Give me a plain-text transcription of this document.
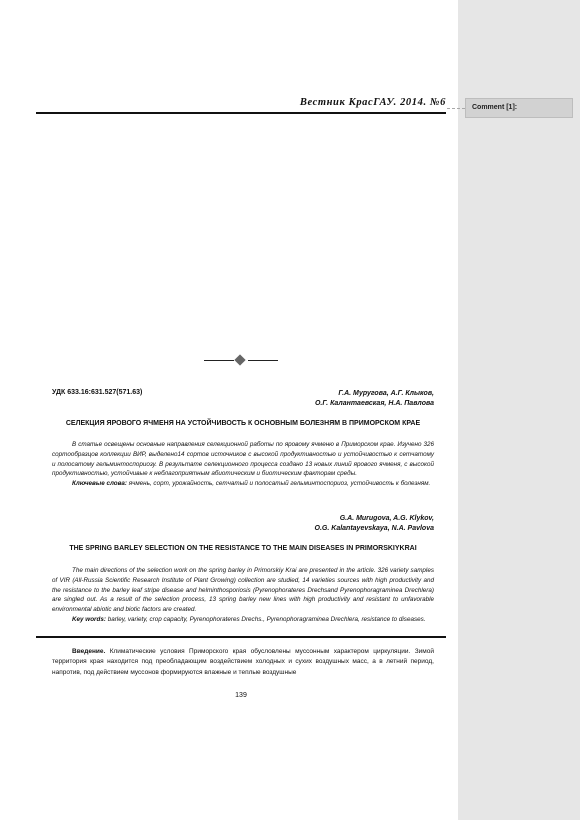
Comment [1]:
Вестник КрасГАУ. 2014. №6
УДК 633.16:631.527(571.63)	Г.А. Муругова, А.Г. Клыков,
О.Г. Калантаевская, Н.А. Павлова
СЕЛЕКЦИЯ ЯРОВОГО ЯЧМЕНЯ НА УСТОЙЧИВОСТЬ К ОСНОВНЫМ БОЛЕЗНЯМ В ПРИМОРСКОМ КРАЕ

В статье освещены основные направления селекционной работы по яровому ячменю в Приморском крае. Изучено 326 сортообразцов коллекции ВИР, выделено14 сортов источников с высокой продуктивностью и устойчивостью к сетчатому и полосатому гельминтоспориозу. В результате селекционного процесса создано 13 новых линий ярового ячменя, с высокой продуктивностью, устойчивые к неблагоприятным абиотическим и биотическим факторам среды.

Ключевые слова: ячмень, сорт, урожайность, сетчатый и полосатый гельминтоспориоз, устойчивость к болезням.

G.A. Murugova, A.G. Klykov,
O.G. Kalantayevskaya, N.A. Pavlova
THE SPRING BARLEY SELECTION ON THE RESISTANCE TO THE MAIN DISEASES IN PRIMORSKIYKRAI

The main directions of the selection work on the spring barley in Primorskiy Krai are presented in the article. 326 variety samples of VIR (All-Russia Scientific Research Institute of Plant Growing) collection are studied, 14 varieties sources with high productivity and the resistance to the barley leaf stripe disease and helminthosporiosis (Pyrenophorateres Drechsand Pyrenophoragraminea Drechlera) are singled out. As a result of the selection process, 13 spring barley new lines with high productivity and resistant to unfavorable environmental abiotic and biotic factors are created.

Key words: barley, variety, crop capacity, Pyrenophorateres Drechs., Pyrenophoragraminea Drechlera, resistance to diseases.

Введение. Климатические условия Приморского края обусловлены муссонным характером циркуляции. Зимой территория края находится под преобладающим воздействием холодных и сухих воздушных масс, а в летний период, напротив, под действием муссонов формируются влажные и теплые воздушные

139
